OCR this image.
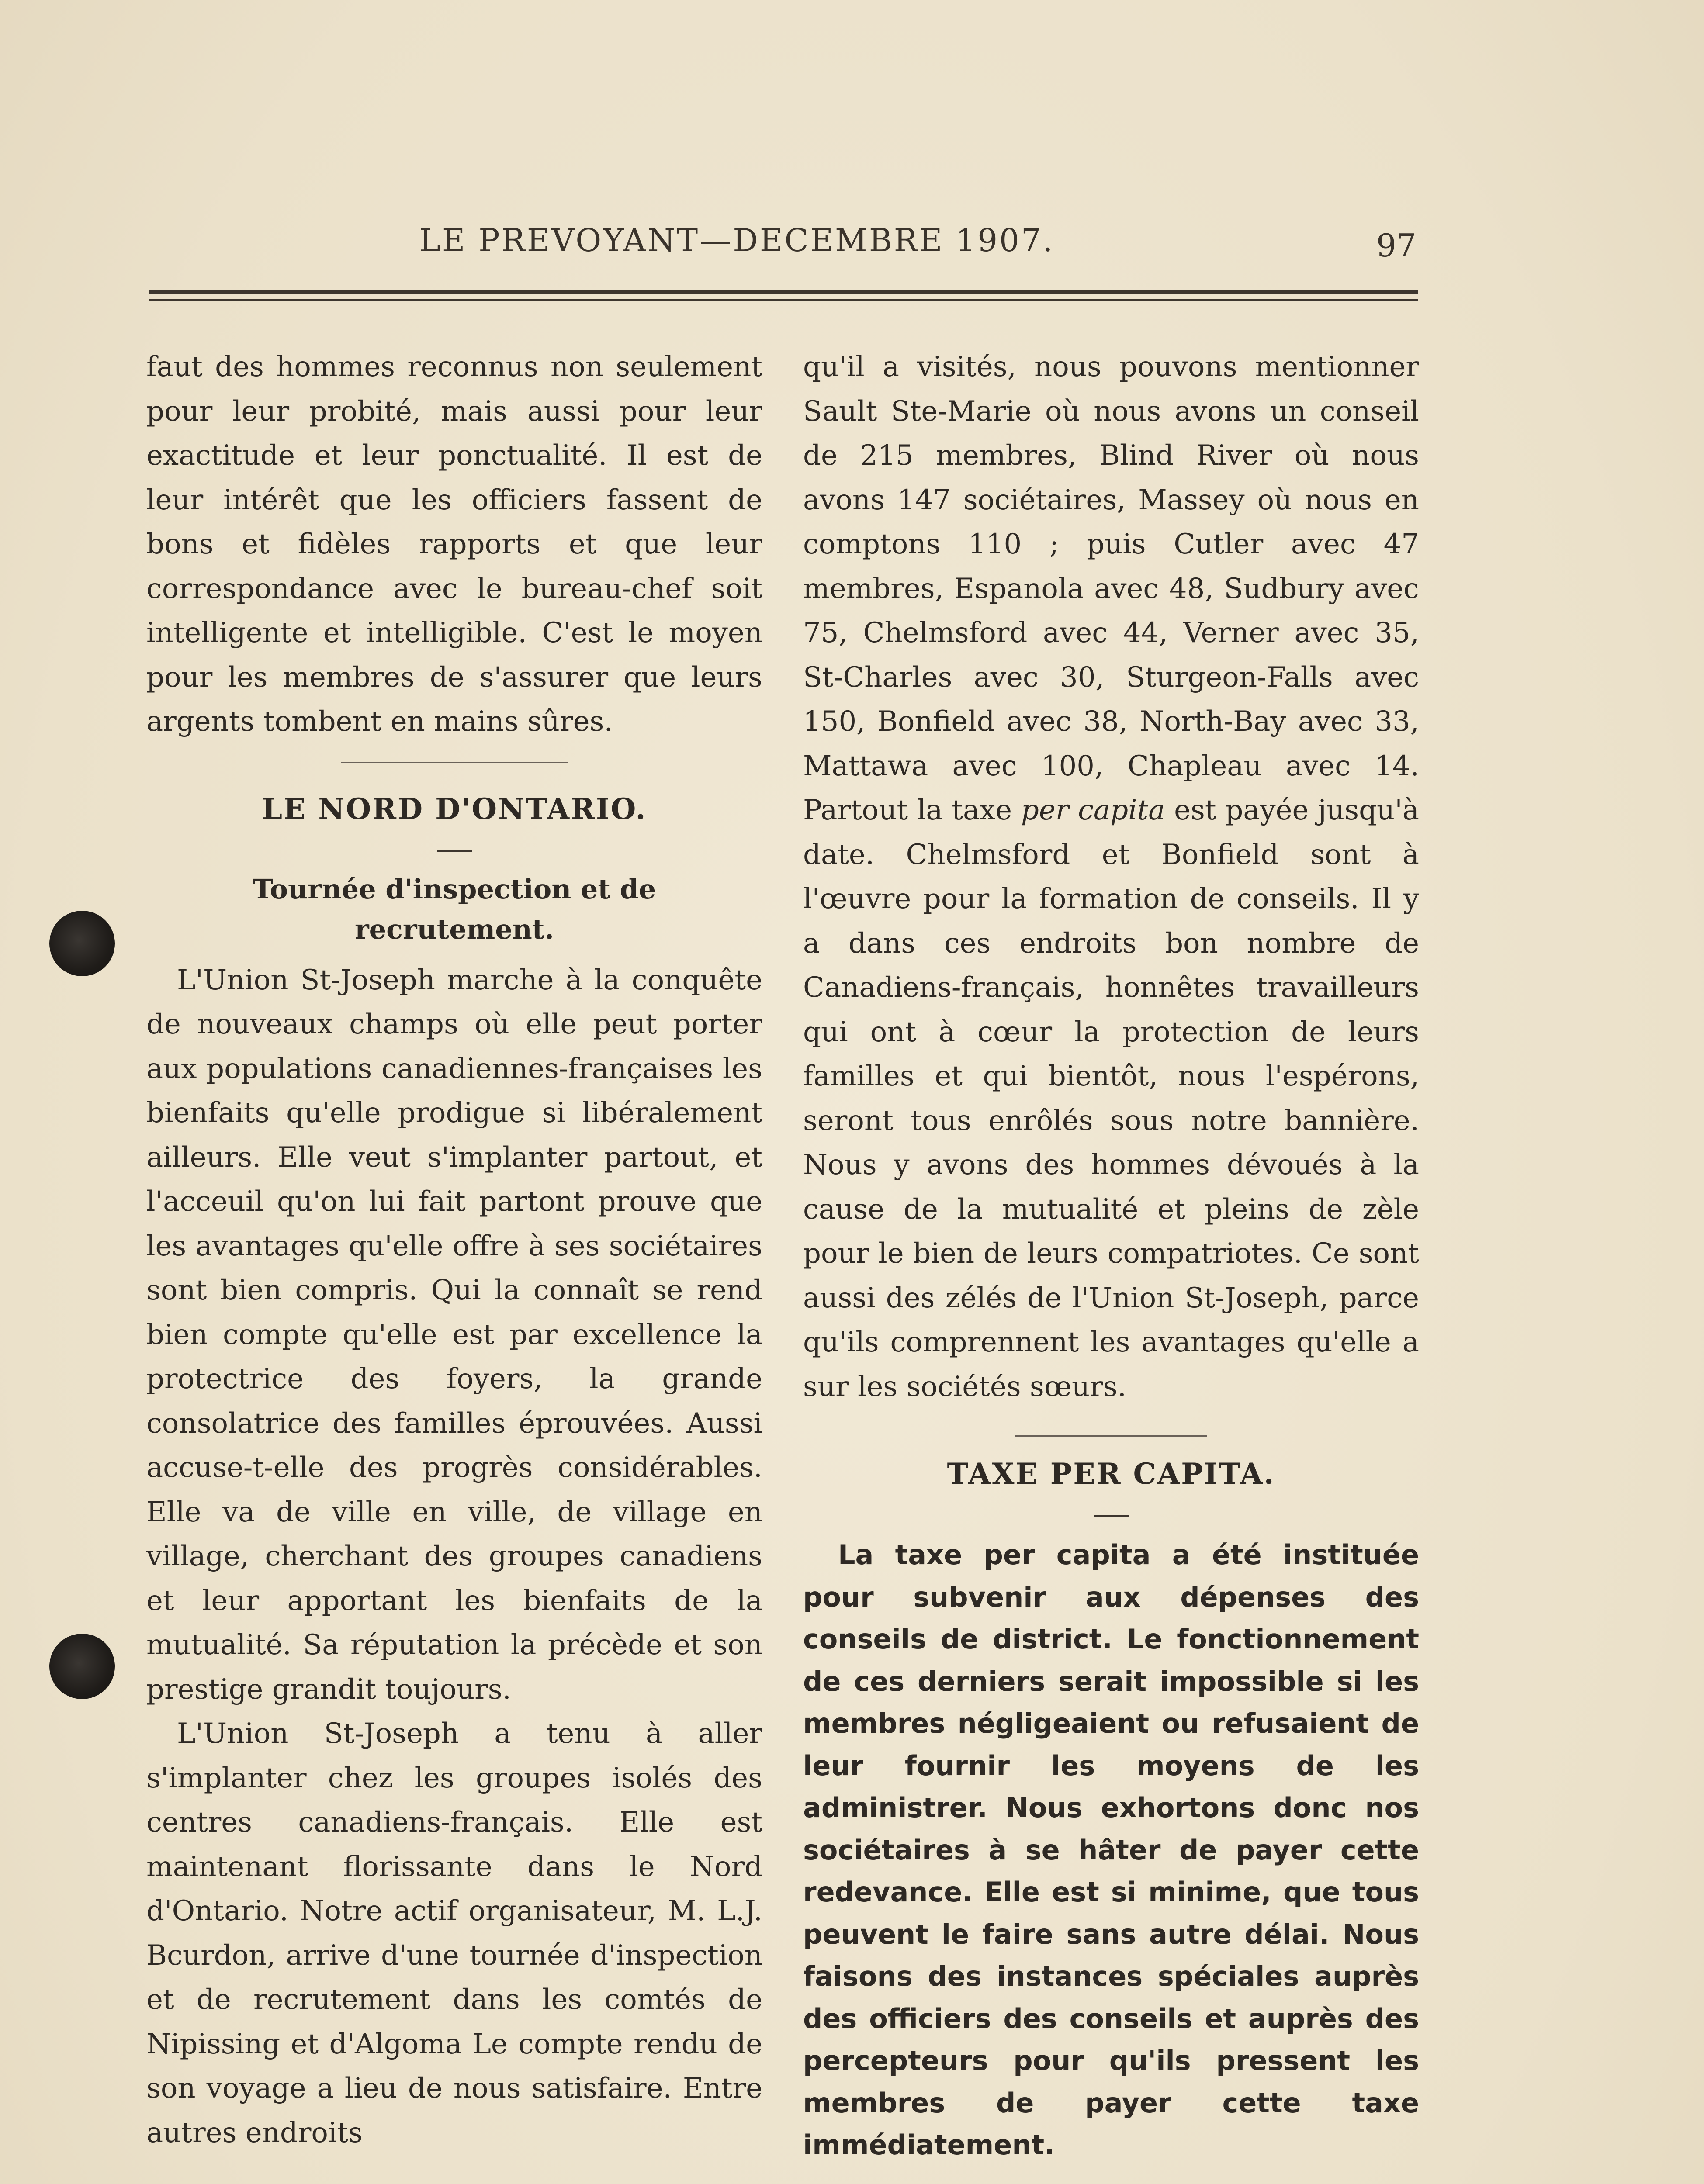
LE PREVOYANT—DECEMBRE 1907.	97

faut des hommes reconnus non seulement pour leur probité, mais aussi pour leur exactitude et leur ponctualité. Il est de leur intérêt que les officiers fassent de bons et fidèles rapports et que leur correspondance avec le bureau-chef soit intelligente et intelligible. C'est le moyen pour les membres de s'assurer que leurs argents tombent en mains sûres.

LE NORD D'ONTARIO.
Tournée d'inspection et de recrutement.

L'Union St-Joseph marche à la conquête de nouveaux champs où elle peut porter aux populations canadiennes-françaises les bienfaits qu'elle prodigue si libéralement ailleurs. Elle veut s'implanter partout, et l'acceuil qu'on lui fait partont prouve que les avantages qu'elle offre à ses sociétaires sont bien compris. Qui la connaît se rend bien compte qu'elle est par excellence la protectrice des foyers, la grande consolatrice des familles éprouvées. Aussi accuse-t-elle des progrès considérables. Elle va de ville en ville, de village en village, cherchant des groupes canadiens et leur apportant les bienfaits de la mutualité. Sa réputation la précède et son prestige grandit toujours.

L'Union St-Joseph a tenu à aller s'implanter chez les groupes isolés des centres canadiens-français. Elle est maintenant florissante dans le Nord d'Ontario. Notre actif organisateur, M. L.J. Bcurdon, arrive d'une tournée d'inspection et de recrutement dans les comtés de Nipissing et d'Algoma Le compte rendu de son voyage a lieu de nous satisfaire. Entre autres endroits

qu'il a visités, nous pouvons mentionner Sault Ste-Marie où nous avons un conseil de 215 membres, Blind River où nous avons 147 sociétaires, Massey où nous en comptons 110 ; puis Cutler avec 47 membres, Espanola avec 48, Sudbury avec 75, Chelmsford avec 44, Verner avec 35, St-Charles avec 30, Sturgeon-Falls avec 150, Bonfield avec 38, North-Bay avec 33, Mattawa avec 100, Chapleau avec 14. Partout la taxe per capita est payée jusqu'à date. Chelmsford et Bonfield sont à l'œuvre pour la formation de conseils. Il y a dans ces endroits bon nombre de Canadiens-français, honnêtes travailleurs qui ont à cœur la protection de leurs familles et qui bientôt, nous l'espérons, seront tous enrôlés sous notre bannière. Nous y avons des hommes dévoués à la cause de la mutualité et pleins de zèle pour le bien de leurs compatriotes. Ce sont aussi des zélés de l'Union St-Joseph, parce qu'ils comprennent les avantages qu'elle a sur les sociétés sœurs.

TAXE PER CAPITA.

La taxe per capita a été instituée pour subvenir aux dépenses des conseils de district. Le fonctionnement de ces derniers serait impossible si les membres négligeaient ou refusaient de leur fournir les moyens de les administrer. Nous exhortons donc nos sociétaires à se hâter de payer cette redevance. Elle est si minime, que tous peuvent le faire sans autre délai. Nous faisons des instances spéciales auprès des officiers des conseils et auprès des percepteurs pour qu'ils pressent les membres de payer cette taxe immédiatement.
